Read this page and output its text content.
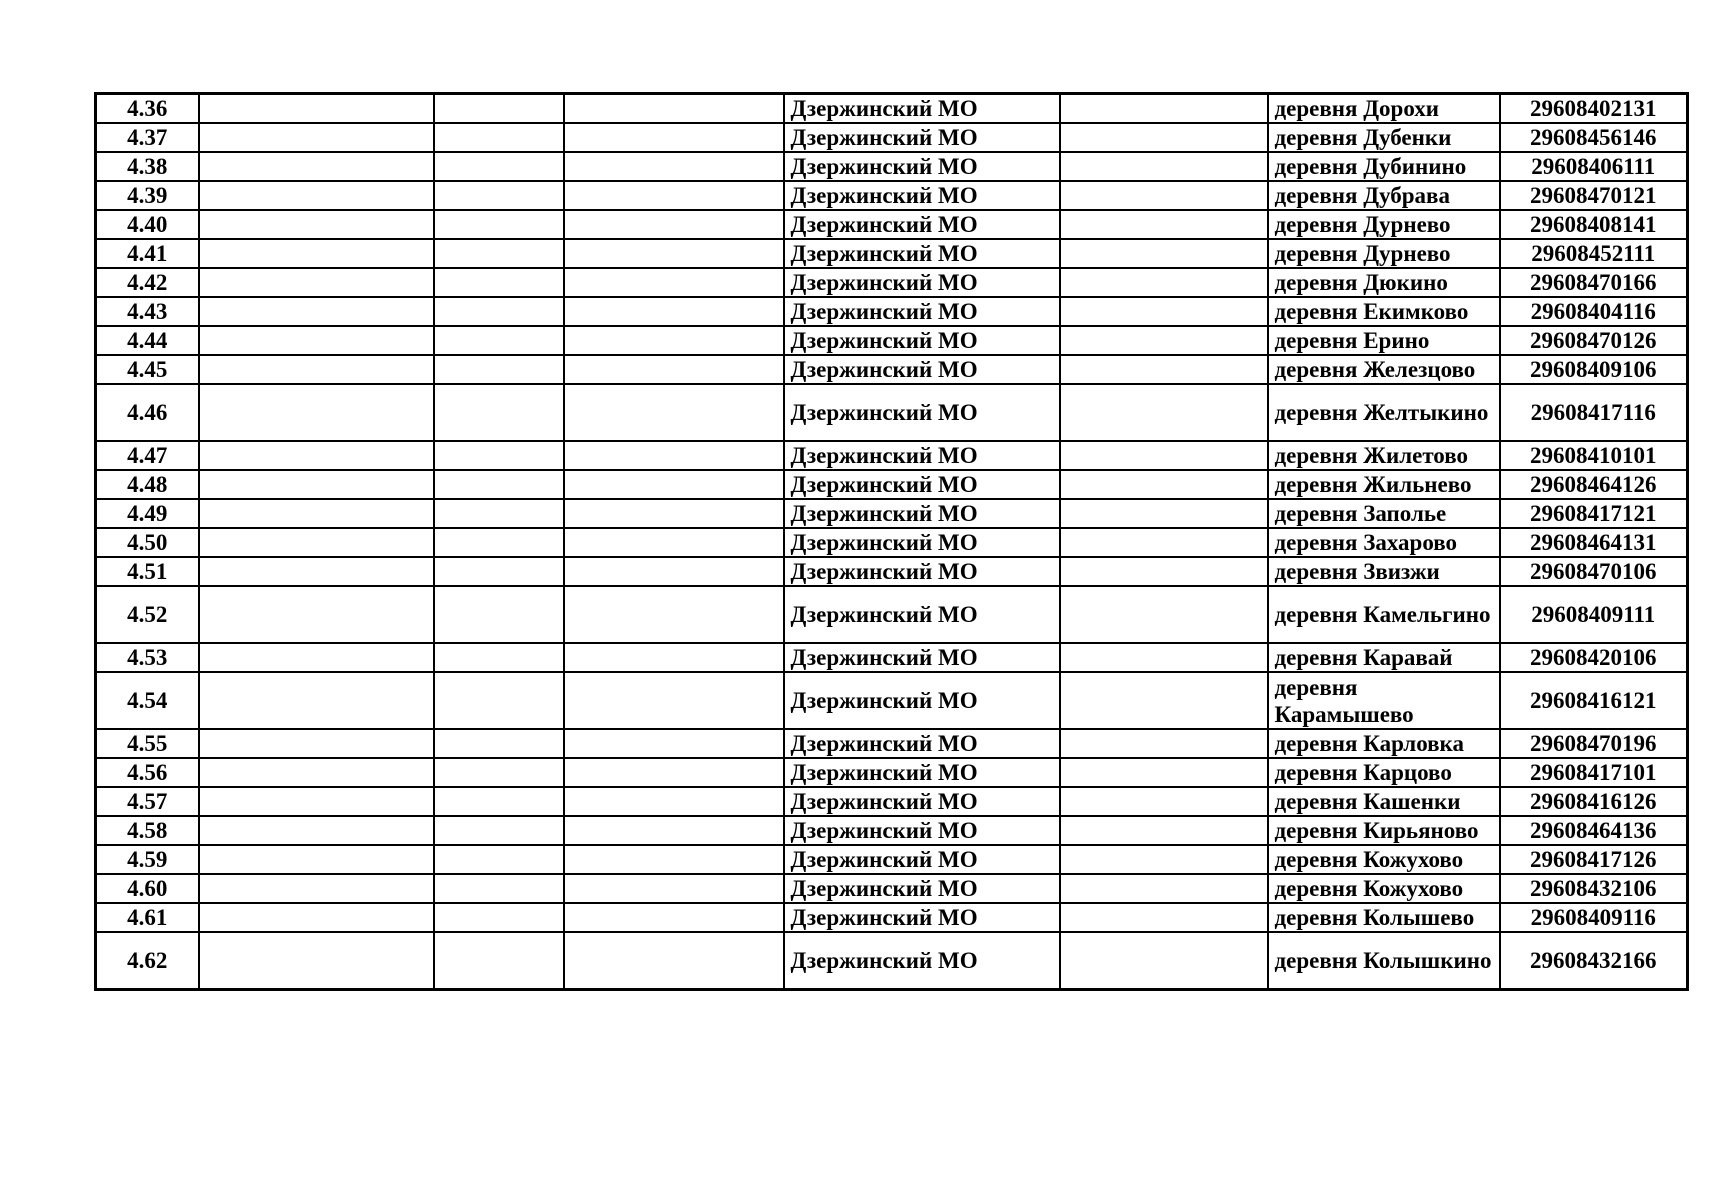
4.36				Дзержинский МО		деревня Дорохи	29608402131
4.37				Дзержинский МО		деревня Дубенки	29608456146
4.38				Дзержинский МО		деревня Дубинино	29608406111
4.39				Дзержинский МО		деревня Дубрава	29608470121
4.40				Дзержинский МО		деревня Дурнево	29608408141
4.41				Дзержинский МО		деревня Дурнево	29608452111
4.42				Дзержинский МО		деревня Дюкино	29608470166
4.43				Дзержинский МО		деревня Екимково	29608404116
4.44				Дзержинский МО		деревня Ерино	29608470126
4.45				Дзержинский МО		деревня Железцово	29608409106
4.46				Дзержинский МО		деревня Желтыкино	29608417116
4.47				Дзержинский МО		деревня Жилетово	29608410101
4.48				Дзержинский МО		деревня Жильнево	29608464126
4.49				Дзержинский МО		деревня Заполье	29608417121
4.50				Дзержинский МО		деревня Захарово	29608464131
4.51				Дзержинский МО		деревня Звизжи	29608470106
4.52				Дзержинский МО		деревня Камельгино	29608409111
4.53				Дзержинский МО		деревня Каравай	29608420106
4.54				Дзержинский МО		деревня Карамышево	29608416121
4.55				Дзержинский МО		деревня Карловка	29608470196
4.56				Дзержинский МО		деревня Карцово	29608417101
4.57				Дзержинский МО		деревня Кашенки	29608416126
4.58				Дзержинский МО		деревня Кирьяново	29608464136
4.59				Дзержинский МО		деревня Кожухово	29608417126
4.60				Дзержинский МО		деревня Кожухово	29608432106
4.61				Дзержинский МО		деревня Колышево	29608409116
4.62				Дзержинский МО		деревня Колышкино	29608432166
